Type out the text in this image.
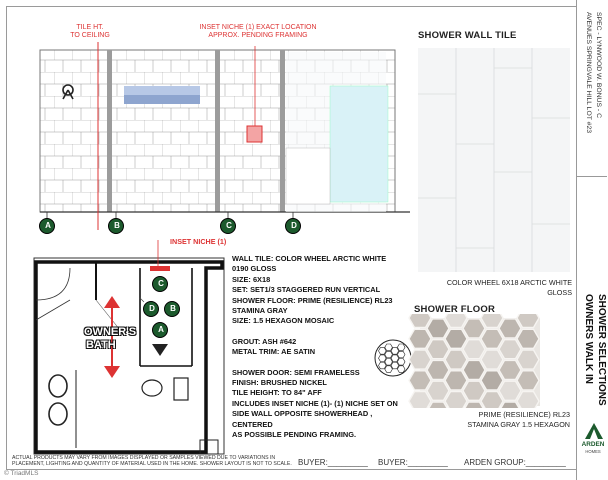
TILE HT.
TO CEILING
INSET NICHE (1) EXACT LOCATION
APPROX. PENDING FRAMING
A	B	C	D
SHOWER WALL TILE
COLOR WHEEL 6X18 ARCTIC WHITE
GLOSS
INSET NICHE (1)
OWNER'S
BATH
C
D	B
A
WALL TILE: COLOR WHEEL ARCTIC WHITE
0190 GLOSS
SIZE: 6X18
SET: SET1/3 STAGGERED RUN VERTICAL
SHOWER FLOOR: PRIME (RESILIENCE) RL23
STAMINA GRAY
SIZE: 1.5 HEXAGON MOSAIC
GROUT: ASH #642
METAL TRIM: AE SATIN
SHOWER DOOR: SEMI FRAMELESS
FINISH: BRUSHED NICKEL
TILE HEIGHT: TO 84" AFF
INCLUDES INSET NICHE (1)- (1) NICHE SET ON
SIDE WALL OPPOSITE SHOWERHEAD , CENTERED
AS POSSIBLE PENDING FRAMING.
SHOWER FLOOR
PRIME (RESILIENCE) RL23
STAMINA GRAY 1.5 HEXAGON
AVENUES SPRINGVALE HILL LOT #23 SPEC - LYNWOOD W. BONUS - C
OWNERS WALK IN SHOWER SELECTIONS
ARDEN
HOMES
ACTUAL PRODUCTS MAY VARY FROM IMAGES DISPLAYED OR SAMPLES VIEWED DUE TO VARIATIONS IN
PLACEMENT, LIGHTING AND QUANTITY OF MATERIAL USED IN THE HOME. SHOWER LAYOUT IS NOT TO SCALE. BUYER:_________ BUYER:_________ ARDEN GROUP:_________
© TriadMLS
